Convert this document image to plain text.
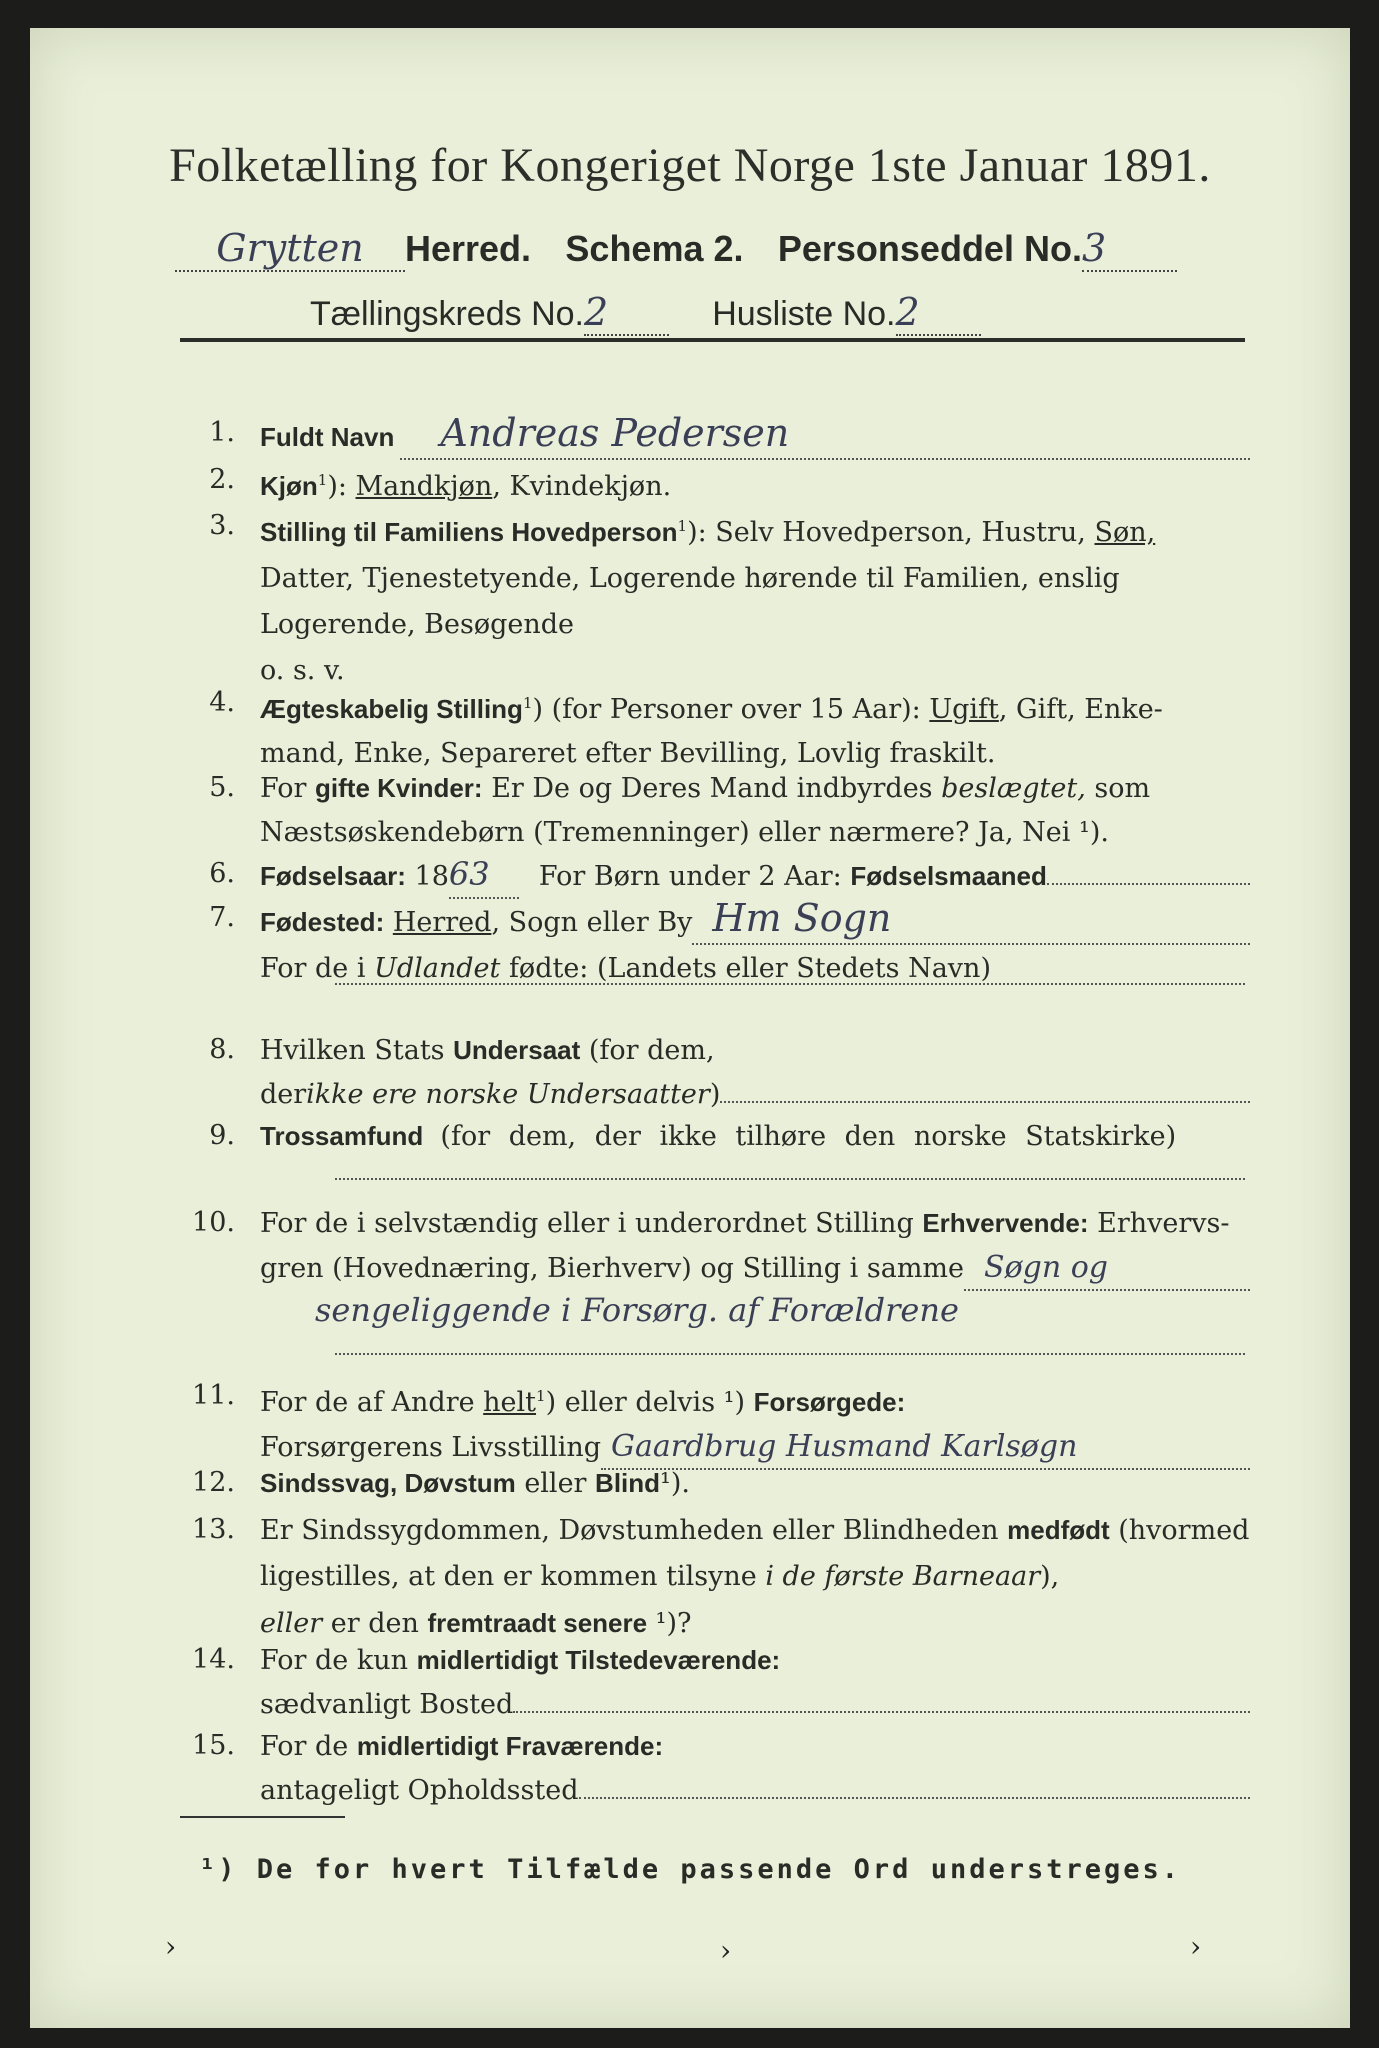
Folketælling for Kongeriget Norge 1ste Januar 1891.
Grytten Herred. Schema 2. Personseddel No.3
Tællingskreds No.2	Husliste No.2
1. Fuldt Navn	Andreas Pedersen
2. Kjøn$^1$): Mandkjøn, Kvindekjøn.
3. Stilling til Familiens Hovedperson$^1$): Selv Hovedperson, Hustru, Søn,
Datter, Tjenestetyende, Logerende hørende til Familien, enslig
Logerende, Besøgende
o. s. v.
4. Ægteskabelig Stilling$^1$) (for Personer over 15 Aar): Ugift, Gift, Enke-
mand, Enke, Separeret efter Bevilling, Lovlig fraskilt.
5. For gifte Kvinder: Er De og Deres Mand indbyrdes beslægtet, som
Næstsøskendebørn (Tremenninger) eller nærmere? Ja, Nei ¹).
6. Fødselsaar:
18 63	For Børn under 2 Aar:
Fødselsmaaned
7. Fødested:
Herred , Sogn eller By Hm Sogn
For de i Udlandet fødte: (Landets eller Stedets Navn)
8. Hvilken Stats Undersaat (for dem,
der ikke ere norske Undersaatter )
9. Trossamfund (for dem, der ikke tilhøre den norske Statskirke)
10. For de i selvstændig eller i underordnet Stilling Erhvervende: Erhvervs-
gren (Hovednæring, Bierhverv) og Stilling i samme Søgn og
sengeliggende i Forsørg. af Forældrene
11. For de af Andre helt$^1$) eller delvis ¹) Forsørgede:
Forsørgerens Livsstilling Gaardbrug Husmand Karlsøgn
12. Sindssvag, Døvstum eller Blind¹).
13. Er Sindssygdommen, Døvstumheden eller Blindheden medfødt (hvormed
ligestilles, at den er kommen tilsyne i de første Barneaar),
eller er den fremtraadt senere ¹)?
14. For de kun midlertidigt Tilstedeværende:
sædvanligt Bosted
15. For de midlertidigt Fraværende:
antageligt Opholdssted
¹) De for hvert Tilfælde passende Ord understreges.
›	›	›
